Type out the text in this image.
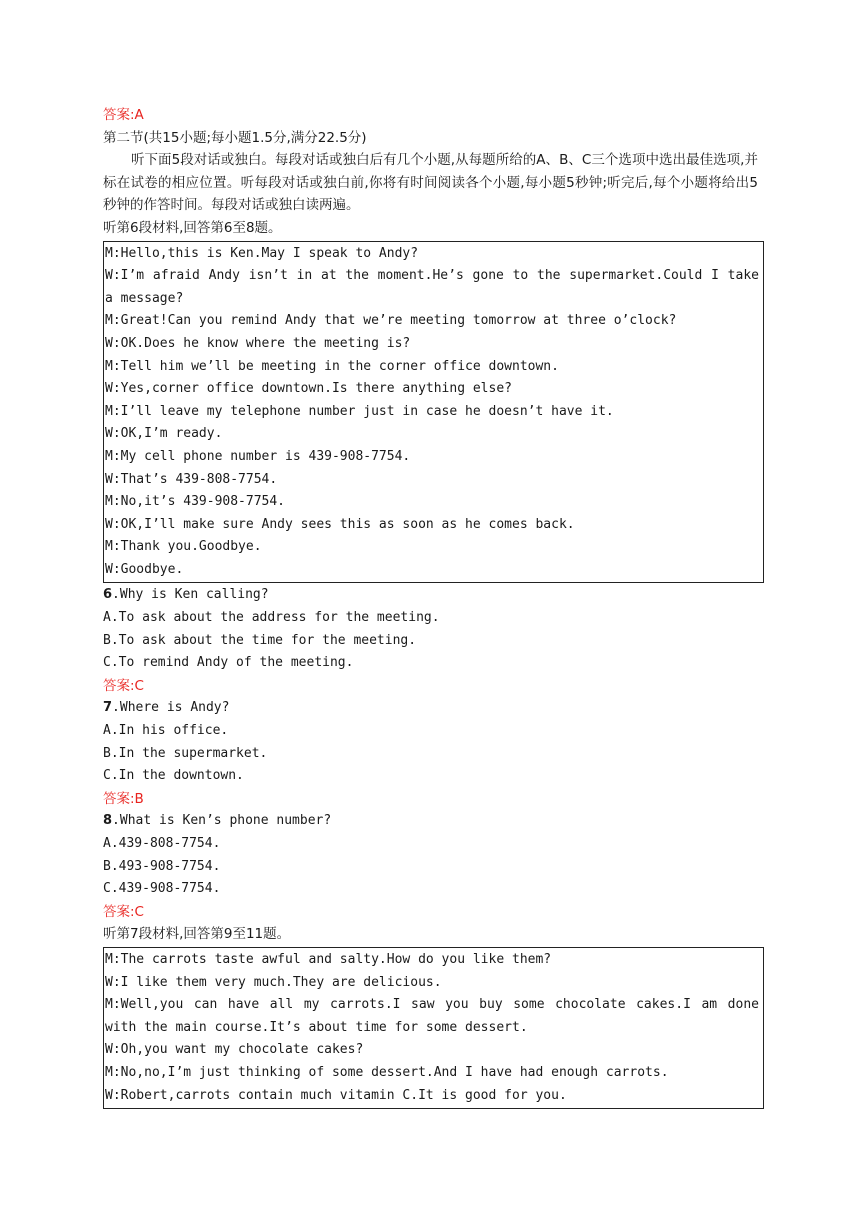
答案:A
第二节(共15小题;每小题1.5分,满分22.5分)
听下面5段对话或独白。每段对话或独白后有几个小题,从每题所给的A、B、C三个选项中选出最佳选项,并标在试卷的相应位置。听每段对话或独白前,你将有时间阅读各个小题,每小题5秒钟;听完后,每个小题将给出5秒钟的作答时间。每段对话或独白读两遍。
听第6段材料,回答第6至8题。
M:Hello,this is Ken.May I speak to Andy?
W:I’m afraid Andy isn’t in at the moment.He’s gone to the supermarket.Could I take a message?
M:Great!Can you remind Andy that we’re meeting tomorrow at three o’clock?
W:OK.Does he know where the meeting is?
M:Tell him we’ll be meeting in the corner office downtown.
W:Yes,corner office downtown.Is there anything else?
M:I’ll leave my telephone number just in case he doesn’t have it.
W:OK,I’m ready.
M:My cell phone number is 439-908-7754.
W:That’s 439-808-7754.
M:No,it’s 439-908-7754.
W:OK,I’ll make sure Andy sees this as soon as he comes back.
M:Thank you.Goodbye.
W:Goodbye.
6.Why is Ken calling?
A.To ask about the address for the meeting.
B.To ask about the time for the meeting.
C.To remind Andy of the meeting.
答案:C
7.Where is Andy?
A.In his office.
B.In the supermarket.
C.In the downtown.
答案:B
8.What is Ken’s phone number?
A.439-808-7754.
B.493-908-7754.
C.439-908-7754.
答案:C
听第7段材料,回答第9至11题。
M:The carrots taste awful and salty.How do you like them?
W:I like them very much.They are delicious.
M:Well,you can have all my carrots.I saw you buy some chocolate cakes.I am done with the main course.It’s about time for some dessert.
W:Oh,you want my chocolate cakes?
M:No,no,I’m just thinking of some dessert.And I have had enough carrots.
W:Robert,carrots contain much vitamin C.It is good for you.
